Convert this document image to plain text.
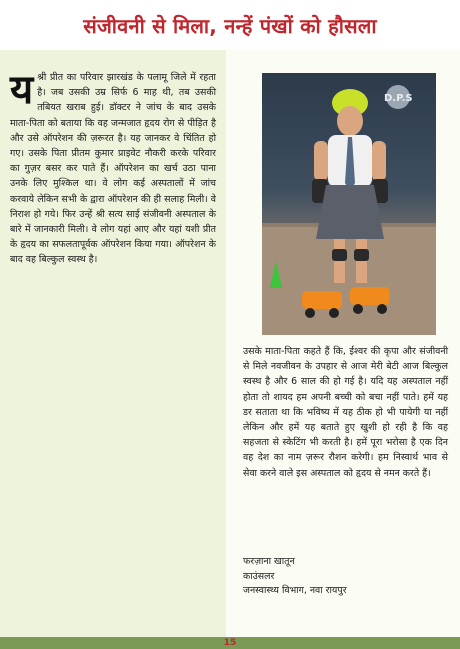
संजीवनी से मिला, नन्हें पंखों को हौसला
य श्री प्रीत का परिवार झारखंड के पलामू जिले में रहता है। जब उसकी उम्र सिर्फ 6 माह थी, तब उसकी तबियत खराब हुई। डॉक्टर ने जांच के बाद उसके माता-पिता को बताया कि वह जन्मजात हृदय रोग से पीड़ित है और उसे ऑपरेशन की ज़रूरत है। यह जानकर वे चिंतित हो गए। उसके पिता प्रीतम कुमार प्राइवेट नौकरी करके परिवार का गुज़र बसर कर पाते हैं। ऑपरेशन का खर्च उठा पाना उनके लिए मुश्किल था। वे लोग कई अस्पतालों में जांच करवाये लेकिन सभी के द्वारा ऑपरेशन की ही सलाह मिली। वे निराश हो गये। फिर उन्हें श्री सत्य साई संजीवनी अस्पताल के बारे में जानकारी मिली। वे लोग यहां आए और यहां यशी प्रीत के हृदय का सफलतापूर्वक ऑपरेशन किया गया। ऑपरेशन के बाद वह बिल्कुल स्वस्थ है।
D.P.S
उसके माता-पिता कहते हैं कि, ईश्वर की कृपा और संजीवनी से मिले नवजीवन के उपहार से आज मेरी बेटी आज बिल्कुल स्वस्थ है और 6 साल की हो गई है। यदि यह अस्पताल नहीं होता तो शायद हम अपनी बच्ची को बचा नहीं पाते। हमें यह डर सताता था कि भविष्य में यह ठीक हो भी पायेगी या नहीं लेकिन और हमें यह बताते हुए खुशी हो रही है कि वह सहजता से स्केटिंग भी करती है। हमें पूरा भरोसा है एक दिन वह देश का नाम ज़रूर रौशन करेगी। हम निस्वार्थ भाव से सेवा करने वाले इस अस्पताल को हृदय से नमन करते हैं।
फरज़ाना खातून
काउंसलर
जनस्वास्थ्य विभाग, नवा रायपुर
15
